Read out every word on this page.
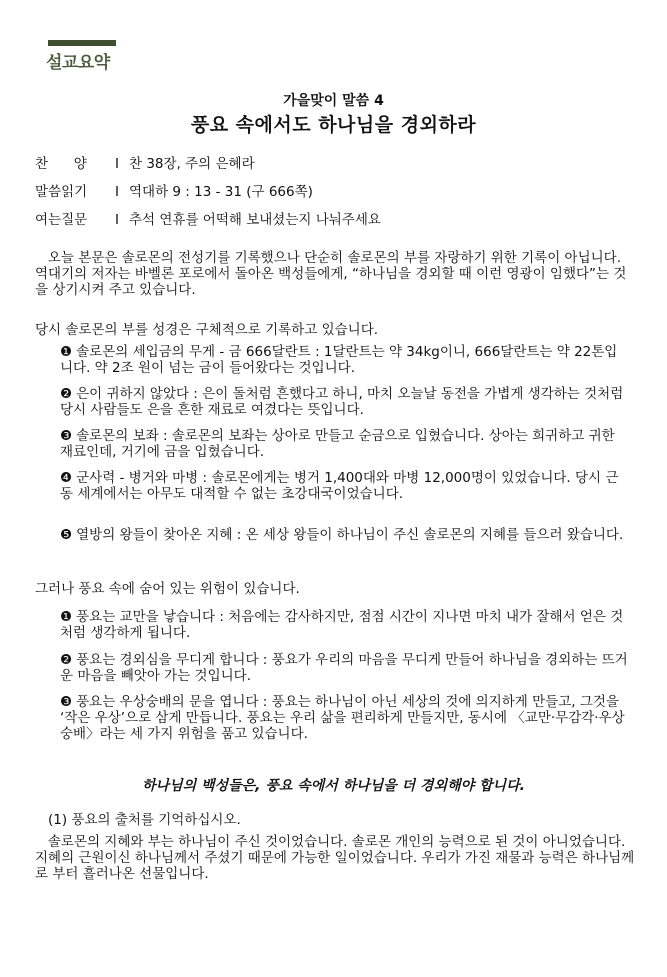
설교요약
가을맞이 말씀 4
풍요 속에서도 하나님을 경외하라
찬      양 I 찬 38장, 주의 은혜라
말씀읽기 I 역대하 9 : 13 - 31 (구 666쪽)
여는질문 I 추석 연휴를 어떡해 보내셨는지 나눠주세요
오늘 본문은 솔로몬의 전성기를 기록했으나 단순히 솔로몬의 부를 자랑하기 위한 기록이 아닙니다. 역대기의 저자는 바벨론 포로에서 돌아온 백성들에게, “하나님을 경외할 때 이런 영광이 임했다”는 것을 상기시켜 주고 있습니다.
당시 솔로몬의 부를 성경은 구체적으로 기록하고 있습니다.
❶ 솔로몬의 세입금의 무게 - 금 666달란트 : 1달란트는 약 34kg이니, 666달란트는 약 22톤입니다. 약 2조 원이 넘는 금이 들어왔다는 것입니다.
❷ 은이 귀하지 않았다 : 은이 돌처럼 흔했다고 하니, 마치 오늘날 동전을 가볍게 생각하는 것처럼 당시 사람들도 은을 흔한 재료로 여겼다는 뜻입니다.
❸ 솔로몬의 보좌 : 솔로몬의 보좌는 상아로 만들고 순금으로 입혔습니다. 상아는 희귀하고 귀한 재료인데, 거기에 금을 입혔습니다.
❹ 군사력 - 병거와 마병 : 솔로몬에게는 병거 1,400대와 마병 12,000명이 있었습니다. 당시 근동 세계에서는 아무도 대적할 수 없는 초강대국이었습니다.
❺ 열방의 왕들이 찾아온 지혜 : 온 세상 왕들이 하나님이 주신 솔로몬의 지혜를 들으러 왔습니다.
그러나 풍요 속에 숨어 있는 위험이 있습니다.
❶ 풍요는 교만을 낳습니다 : 처음에는 감사하지만, 점점 시간이 지나면 마치 내가 잘해서 얻은 것처럼 생각하게 됩니다.
❷ 풍요는 경외심을 무디게 합니다 : 풍요가 우리의 마음을 무디게 만들어 하나님을 경외하는 뜨거운 마음을 빼앗아 가는 것입니다.
❸ 풍요는 우상숭배의 문을 엽니다 : 풍요는 하나님이 아닌 세상의 것에 의지하게 만들고, 그것을 ‘작은 우상’으로 삼게 만듭니다. 풍요는 우리 삶을 편리하게 만들지만, 동시에 〈교만·무감각·우상숭배〉라는 세 가지 위험을 품고 있습니다.
하나님의 백성들은, 풍요 속에서 하나님을 더 경외해야 합니다.
(1) 풍요의 출처를 기억하십시오.
솔로몬의 지혜와 부는 하나님이 주신 것이었습니다. 솔로몬 개인의 능력으로 된 것이 아니었습니다. 지혜의 근원이신 하나님께서 주셨기 때문에 가능한 일이었습니다. 우리가 가진 재물과 능력은 하나님께로 부터 흘러나온 선물입니다.
